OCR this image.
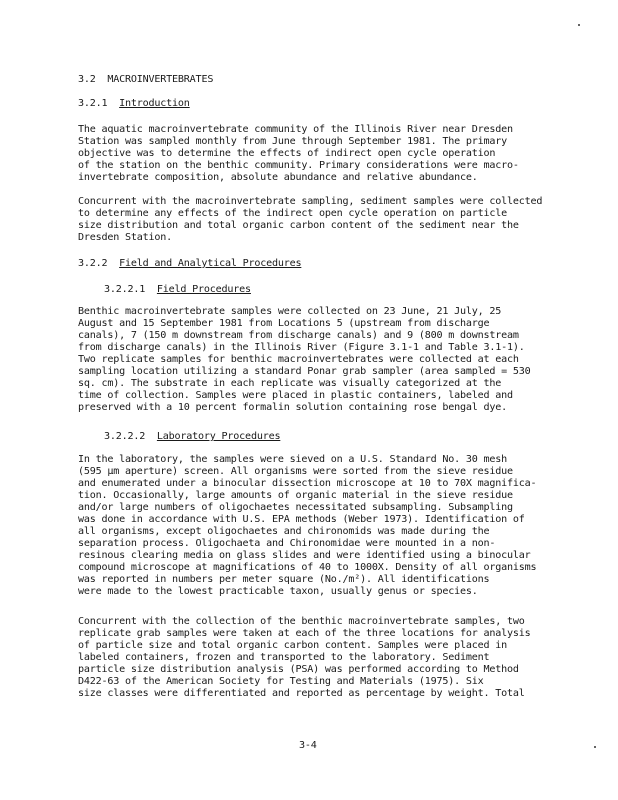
3.2 MACROINVERTEBRATES
3.2.1 Introduction

The aquatic macroinvertebrate community of the Illinois River near Dresden
Station was sampled monthly from June through September 1981. The primary
objective was to determine the effects of indirect open cycle operation
of the station on the benthic community. Primary considerations were macro-
invertebrate composition, absolute abundance and relative abundance.

Concurrent with the macroinvertebrate sampling, sediment samples were collected
to determine any effects of the indirect open cycle operation on particle
size distribution and total organic carbon content of the sediment near the
Dresden Station.

3.2.2 Field and Analytical Procedures
3.2.2.1 Field Procedures

Benthic macroinvertebrate samples were collected on 23 June, 21 July, 25
August and 15 September 1981 from Locations 5 (upstream from discharge
canals), 7 (150 m downstream from discharge canals) and 9 (800 m downstream
from discharge canals) in the Illinois River (Figure 3.1-1 and Table 3.1-1).
Two replicate samples for benthic macroinvertebrates were collected at each
sampling location utilizing a standard Ponar grab sampler (area sampled = 530
sq. cm). The substrate in each replicate was visually categorized at the
time of collection. Samples were placed in plastic containers, labeled and
preserved with a 10 percent formalin solution containing rose bengal dye.

3.2.2.2 Laboratory Procedures

In the laboratory, the samples were sieved on a U.S. Standard No. 30 mesh
(595 μm aperture) screen. All organisms were sorted from the sieve residue
and enumerated under a binocular dissection microscope at 10 to 70X magnifica-
tion. Occasionally, large amounts of organic material in the sieve residue
and/or large numbers of oligochaetes necessitated subsampling. Subsampling
was done in accordance with U.S. EPA methods (Weber 1973). Identification of
all organisms, except oligochaetes and chironomids was made during the
separation process. Oligochaeta and Chironomidae were mounted in a non-
resinous clearing media on glass slides and were identified using a binocular
compound microscope at magnifications of 40 to 1000X. Density of all organisms
was reported in numbers per meter square (No./m²). All identifications
were made to the lowest practicable taxon, usually genus or species.

Concurrent with the collection of the benthic macroinvertebrate samples, two
replicate grab samples were taken at each of the three locations for analysis
of particle size and total organic carbon content. Samples were placed in
labeled containers, frozen and transported to the laboratory. Sediment
particle size distribution analysis (PSA) was performed according to Method
D422-63 of the American Society for Testing and Materials (1975). Six
size classes were differentiated and reported as percentage by weight. Total

3-4
